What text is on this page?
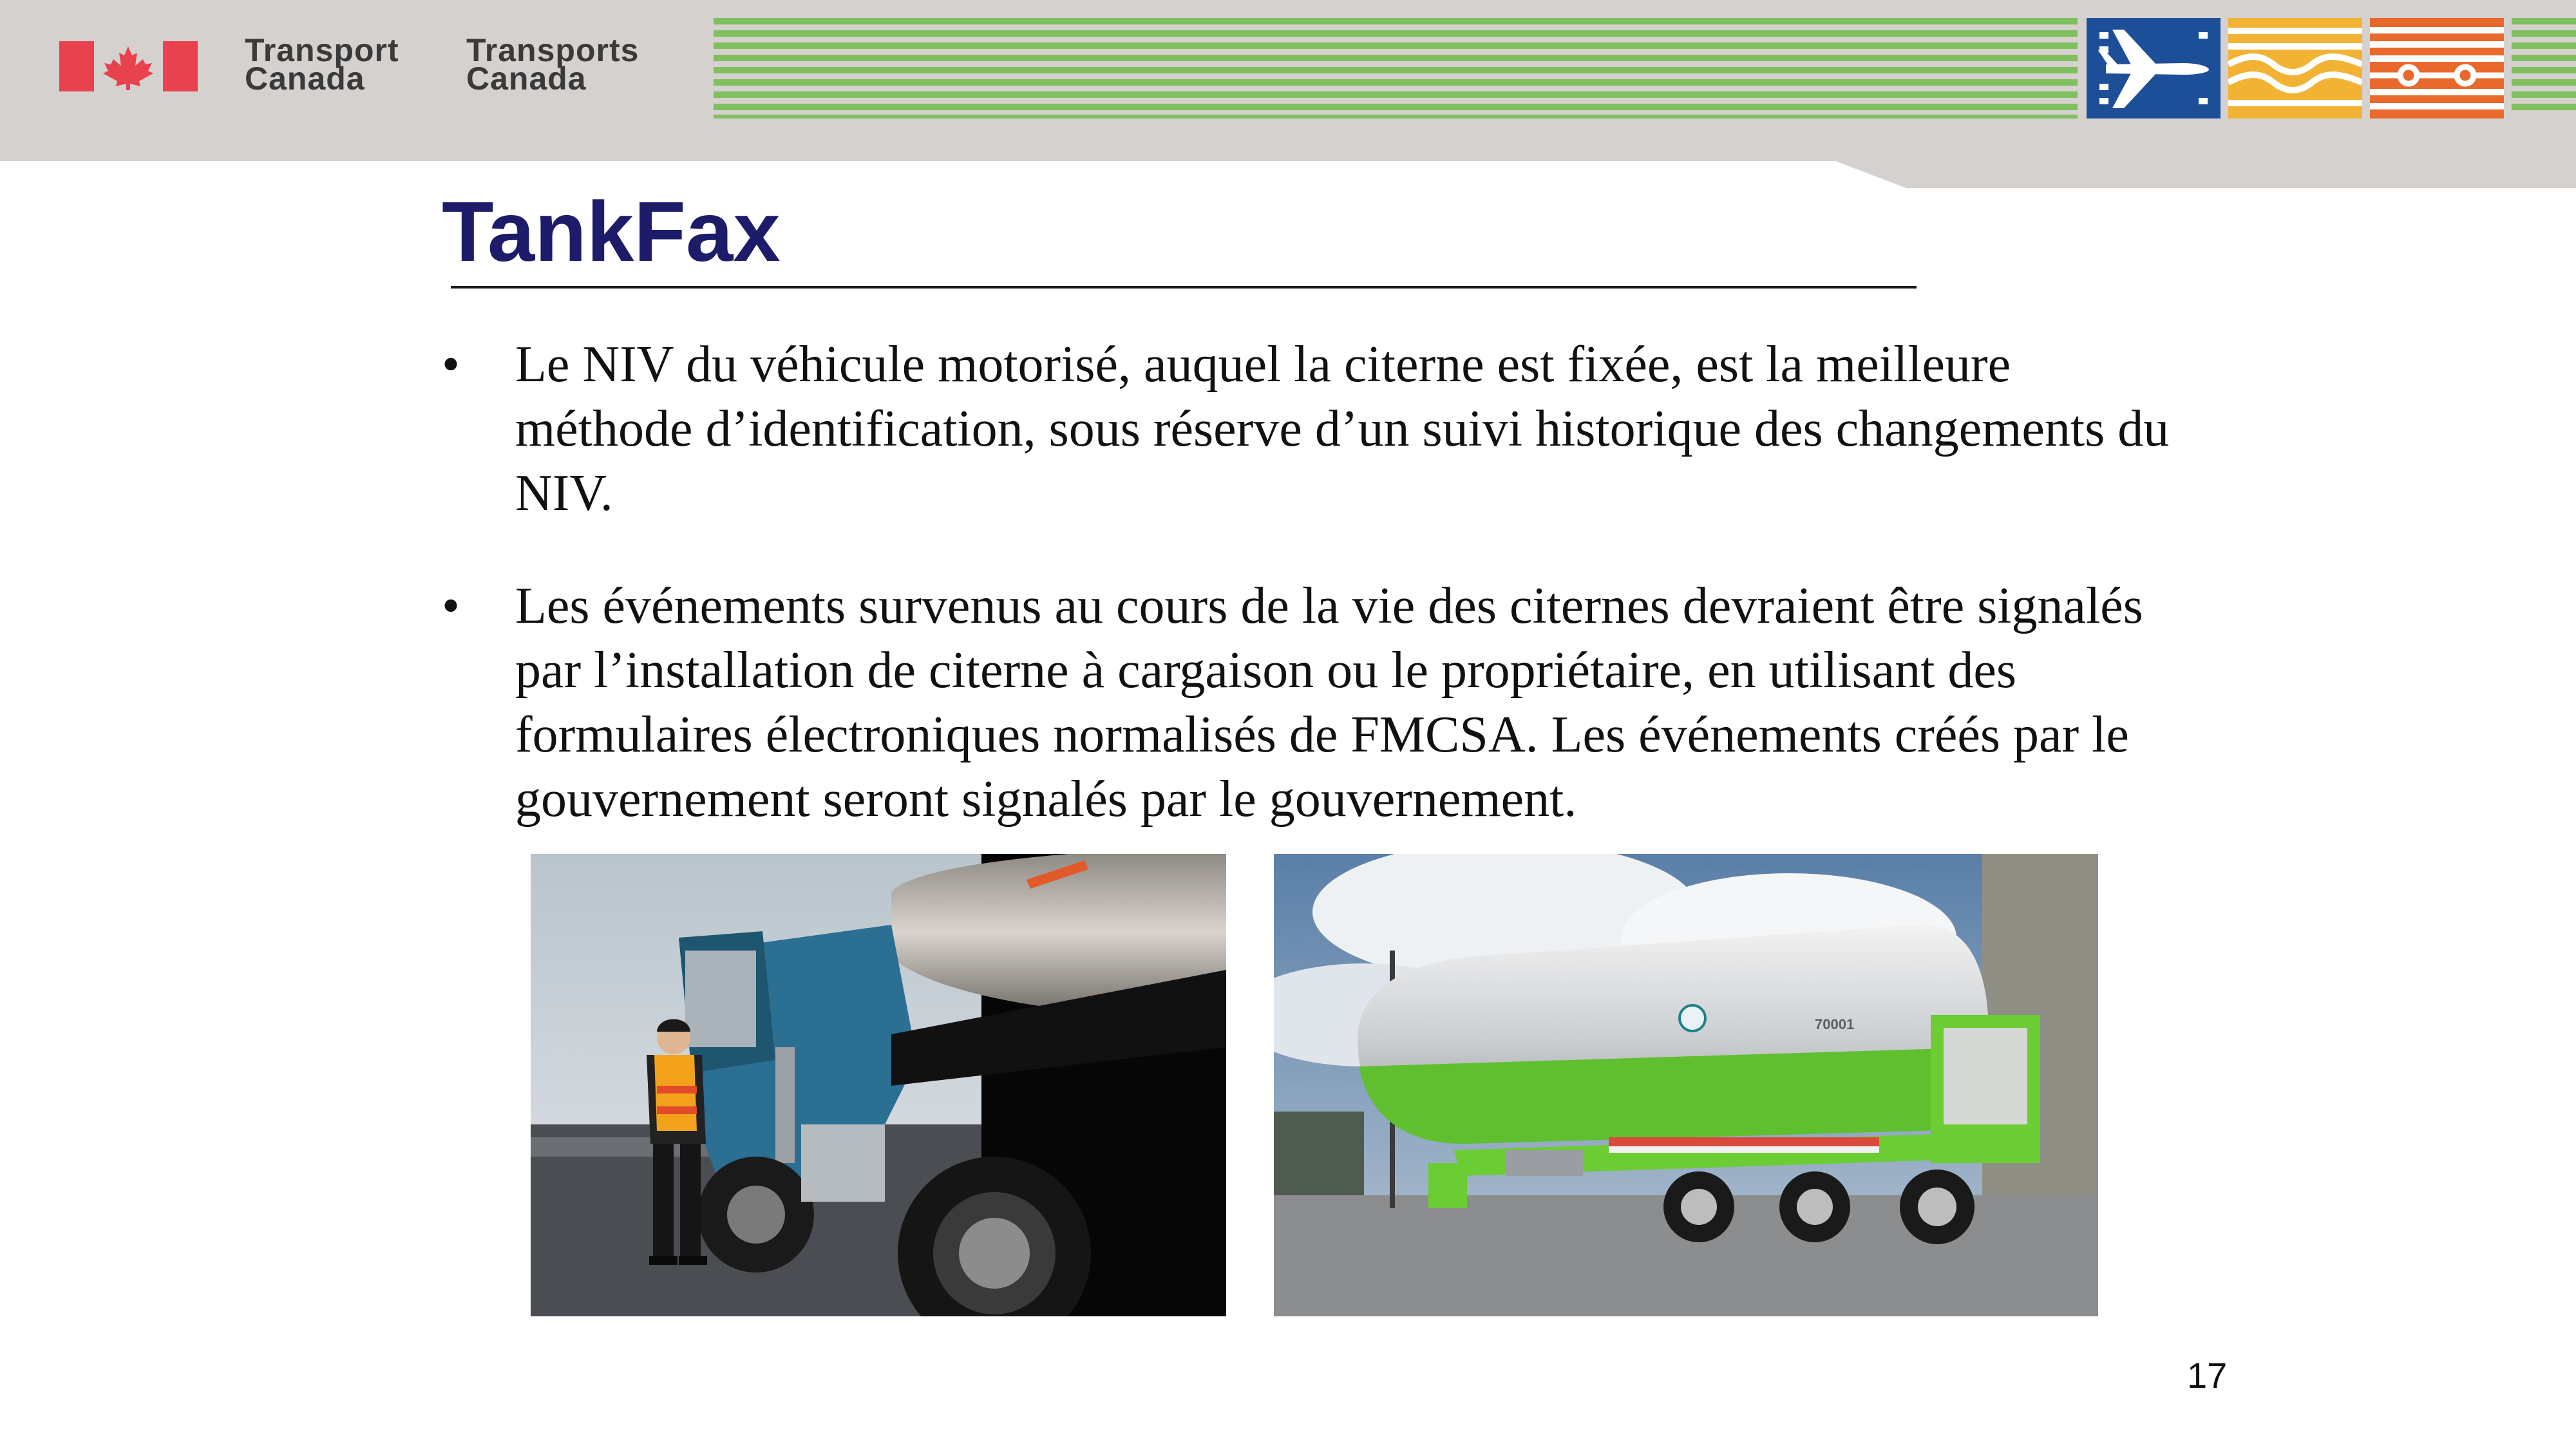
Transport
Canada
Transports
Canada
TankFax
• Le NIV du véhicule motorisé, auquel la citerne est fixée, est la meilleure méthode d’identification, sous réserve d’un suivi historique des changements du NIV.
• Les événements survenus au cours de la vie des citernes devraient être signalés par l’installation de citerne à cargaison ou le propriétaire, en utilisant des formulaires électroniques normalisés de FMCSA. Les événements créés par le gouvernement seront signalés par le gouvernement.
70001
17
